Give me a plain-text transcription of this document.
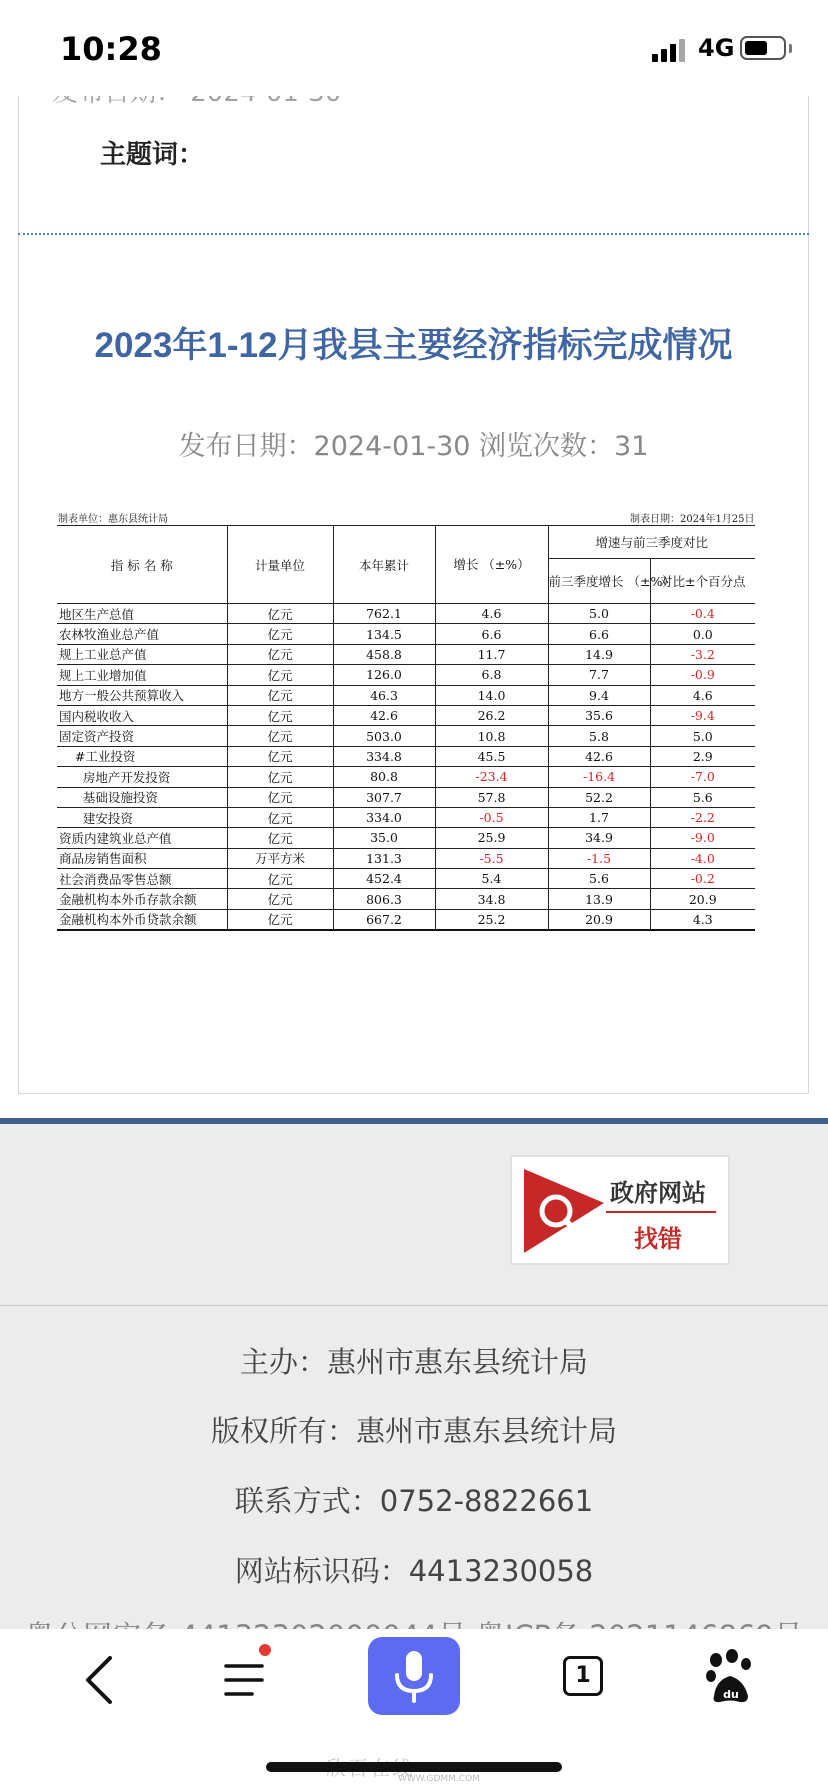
10:28	4G
主题词：
2023年1-12月我县主要经济指标完成情况
发布日期：2024-01-30 浏览次数：31
制表单位：惠东县统计局	制表日期：2024年1月25日
指 标 名 称	计量单位	本年累计	增长 （±%）	增速与前三季度对比	
				前三季度增长 （±%）	对比±个百分点
地区生产总值	亿元	762.1	4.6	5.0	-0.4
农林牧渔业总产值	亿元	134.5	6.6	6.6	0.0
规上工业总产值	亿元	458.8	11.7	14.9	-3.2
规上工业增加值	亿元	126.0	6.8	7.7	-0.9
地方一般公共预算收入	亿元	46.3	14.0	9.4	4.6
国内税收收入	亿元	42.6	26.2	35.6	-9.4
固定资产投资	亿元	503.0	10.8	5.8	5.0
#工业投资	亿元	334.8	45.5	42.6	2.9
房地产开发投资	亿元	80.8	-23.4	-16.4	-7.0
基础设施投资	亿元	307.7	57.8	52.2	5.6
建安投资	亿元	334.0	-0.5	1.7	-2.2
资质内建筑业总产值	亿元	35.0	25.9	34.9	-9.0
商品房销售面积	万平方米	131.3	-5.5	-1.5	-4.0
社会消费品零售总额	亿元	452.4	5.4	5.6	-0.2
金融机构本外币存款余额	亿元	806.3	34.8	13.9	20.9
金融机构本外币贷款余额	亿元	667.2	25.2	20.9	4.3
政府网站
找错
主办：惠州市惠东县统计局
版权所有：惠州市惠东县统计局
联系方式：0752-8822661
网站标识码：4413230058
1
du
WWW.GDMM.COM
